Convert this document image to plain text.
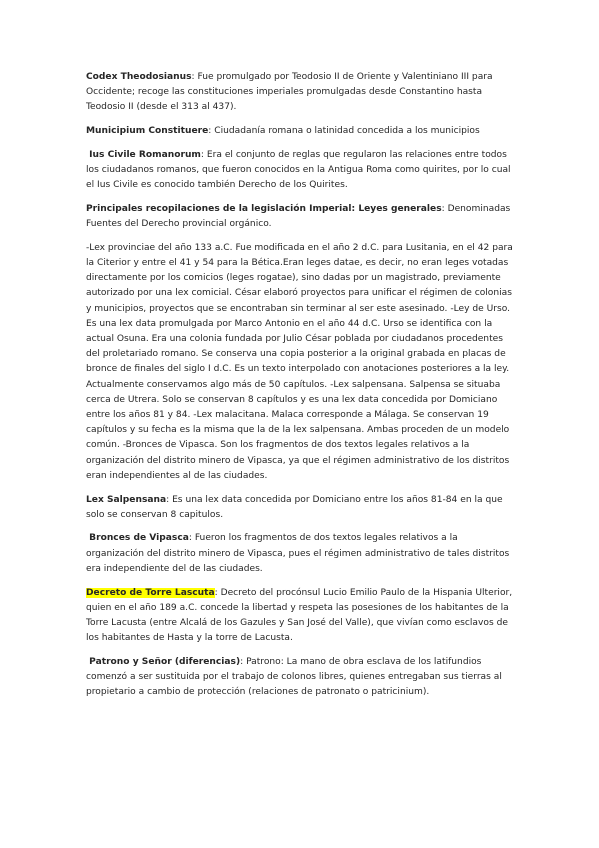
Codex Theodosianus: Fue promulgado por Teodosio II de Oriente y Valentiniano III para Occidente; recoge las constituciones imperiales promulgadas desde Constantino hasta Teodosio II (desde el 313 al 437).

Municipium Constituere: Ciudadanía romana o latinidad concedida a los municipios

Ius Civile Romanorum: Era el conjunto de reglas que regularon las relaciones entre todos los ciudadanos romanos, que fueron conocidos en la Antigua Roma como quirites, por lo cual el Ius Civile es conocido también Derecho de los Quirites.

Principales recopilaciones de la legislación Imperial: Leyes generales: Denominadas Fuentes del Derecho provincial orgánico.

-Lex provinciae del año 133 a.C. Fue modificada en el año 2 d.C. para Lusitania, en el 42 para la Citerior y entre el 41 y 54 para la Bética.Eran leges datae, es decir, no eran leges votadas directamente por los comicios (leges rogatae), sino dadas por un magistrado, previamente autorizado por una lex comicial. César elaboró proyectos para unificar el régimen de colonias y municipios, proyectos que se encontraban sin terminar al ser este asesinado. -Ley de Urso. Es una lex data promulgada por Marco Antonio en el año 44 d.C. Urso se identifica con la actual Osuna. Era una colonia fundada por Julio César poblada por ciudadanos procedentes del proletariado romano. Se conserva una copia posterior a la original grabada en placas de bronce de finales del siglo I d.C. Es un texto interpolado con anotaciones posteriores a la ley. Actualmente conservamos algo más de 50 capítulos. -Lex salpensana. Salpensa se situaba cerca de Utrera. Solo se conservan 8 capítulos y es una lex data concedida por Domiciano entre los años 81 y 84. -Lex malacitana. Malaca corresponde a Málaga. Se conservan 19 capítulos y su fecha es la misma que la de la lex salpensana. Ambas proceden de un modelo común. -Bronces de Vipasca. Son los fragmentos de dos textos legales relativos a la organización del distrito minero de Vipasca, ya que el régimen administrativo de los distritos eran independientes al de las ciudades.

Lex Salpensana: Es una lex data concedida por Domiciano entre los años 81-84 en la que solo se conservan 8 capitulos.

Bronces de Vipasca: Fueron los fragmentos de dos textos legales relativos a la organización del distrito minero de Vipasca, pues el régimen administrativo de tales distritos era independiente del de las ciudades.

Decreto de Torre Lascuta: Decreto del procónsul Lucio Emilio Paulo de la Hispania Ulterior, quien en el año 189 a.C. concede la libertad y respeta las posesiones de los habitantes de la Torre Lacusta (entre Alcalá de los Gazules y San José del Valle), que vivían como esclavos de los habitantes de Hasta y la torre de Lacusta.

Patrono y Señor (diferencias): Patrono: La mano de obra esclava de los latifundios comenzó a ser sustituida por el trabajo de colonos libres, quienes entregaban sus tierras al propietario a cambio de protección (relaciones de patronato o patricinium).
